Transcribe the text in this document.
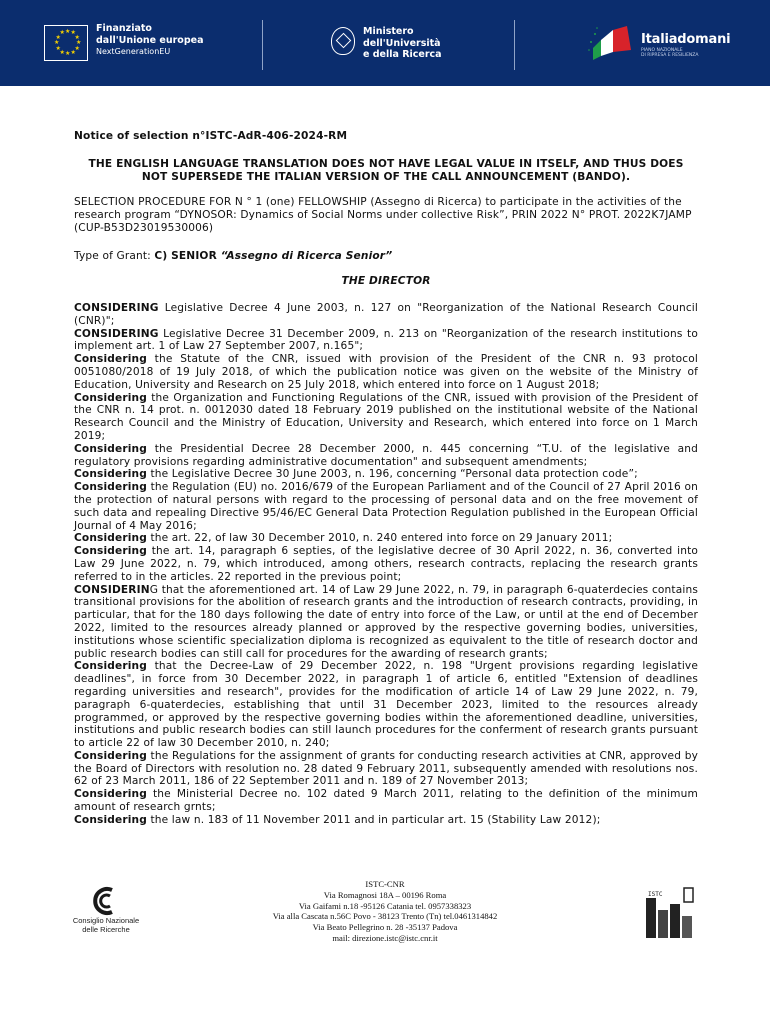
★
★
★
★
★
★
★
★
★ ★ ★
★
Finanziato
dall'Unione europea
NextGenerationEU
Ministero
dell'Università
e della Ricerca
Italiadomani
PIANO NAZIONALE
DI RIPRESA E RESILIENZA
Notice of selection n°ISTC-AdR-406-2024-RM
THE ENGLISH LANGUAGE TRANSLATION DOES NOT HAVE LEGAL VALUE IN ITSELF, AND THUS DOES NOT SUPERSEDE THE ITALIAN VERSION OF THE CALL ANNOUNCEMENT (BANDO).
SELECTION PROCEDURE FOR N ° 1 (one) FELLOWSHIP (Assegno di Ricerca) to participate in the activities of the research program “DYNOSOR: Dynamics of Social Norms under collective Risk”, PRIN 2022 N° PROT. 2022K7JAMP (CUP-B53D23019530006)
Type of Grant: C) SENIOR “Assegno di Ricerca Senior”
THE DIRECTOR

CONSIDERING Legislative Decree 4 June 2003, n. 127 on "Reorganization of the National Research Council (CNR)";

CONSIDERING Legislative Decree 31 December 2009, n. 213 on "Reorganization of the research institutions to implement art. 1 of Law 27 September 2007, n.165";

Considering the Statute of the CNR, issued with provision of the President of the CNR n. 93 protocol 0051080/2018 of 19 July 2018, of which the publication notice was given on the website of the Ministry of Education, University and Research on 25 July 2018, which entered into force on 1 August 2018;

Considering the Organization and Functioning Regulations of the CNR, issued with provision of the President of the CNR n. 14 prot. n. 0012030 dated 18 February 2019 published on the institutional website of the National Research Council and the Ministry of Education, University and Research, which entered into force on 1 March 2019;

Considering the Presidential Decree 28 December 2000, n. 445 concerning “T.U. of the legislative and regulatory provisions regarding administrative documentation" and subsequent amendments;

Considering the Legislative Decree 30 June 2003, n. 196, concerning “Personal data protection code”;

Considering the Regulation (EU) no. 2016/679 of the European Parliament and of the Council of 27 April 2016 on the protection of natural persons with regard to the processing of personal data and on the free movement of such data and repealing Directive 95/46/EC General Data Protection Regulation published in the European Official Journal of 4 May 2016;

Considering the art. 22, of law 30 December 2010, n. 240 entered into force on 29 January 2011;

Considering the art. 14, paragraph 6 septies, of the legislative decree of 30 April 2022, n. 36, converted into Law 29 June 2022, n. 79, which introduced, among others, research contracts, replacing the research grants referred to in the articles. 22 reported in the previous point;

CONSIDERING that the aforementioned art. 14 of Law 29 June 2022, n. 79, in paragraph 6-quaterdecies contains transitional provisions for the abolition of research grants and the introduction of research contracts, providing, in particular, that for the 180 days following the date of entry into force of the Law, or until at the end of December 2022, limited to the resources already planned or approved by the respective governing bodies, universities, institutions whose scientific specialization diploma is recognized as equivalent to the title of research doctor and public research bodies can still call for procedures for the awarding of research grants;

Considering that the Decree-Law of 29 December 2022, n. 198 "Urgent provisions regarding legislative deadlines", in force from 30 December 2022, in paragraph 1 of article 6, entitled "Extension of deadlines regarding universities and research", provides for the modification of article 14 of Law 29 June 2022, n. 79, paragraph 6-quaterdecies, establishing that until 31 December 2023, limited to the resources already programmed, or approved by the respective governing bodies within the aforementioned deadline, universities, institutions and public research bodies can still launch procedures for the conferment of research grants pursuant to article 22 of law 30 December 2010, n. 240;

Considering the Regulations for the assignment of grants for conducting research activities at CNR, approved by the Board of Directors with resolution no. 28 dated 9 February 2011, subsequently amended with resolutions nos. 62 of 23 March 2011, 186 of 22 September 2011 and n. 189 of 27 November 2013;

Considering the Ministerial Decree no. 102 dated 9 March 2011, relating to the definition of the minimum amount of research grnts;

Considering the law n. 183 of 11 November 2011 and in particular art. 15 (Stability Law 2012);

Consiglio Nazionale
delle Ricerche
ISTC-CNR
Via Romagnosi 18A – 00196 Roma
Via Gaifami n.18 -95126 Catania tel. 0957338323
Via alla Cascata n.56C Povo - 38123 Trento (Tn) tel.0461314842
Via Beato Pellegrino n. 28 -35137 Padova
mail: direzione.istc@istc.cnr.it
ISTC
